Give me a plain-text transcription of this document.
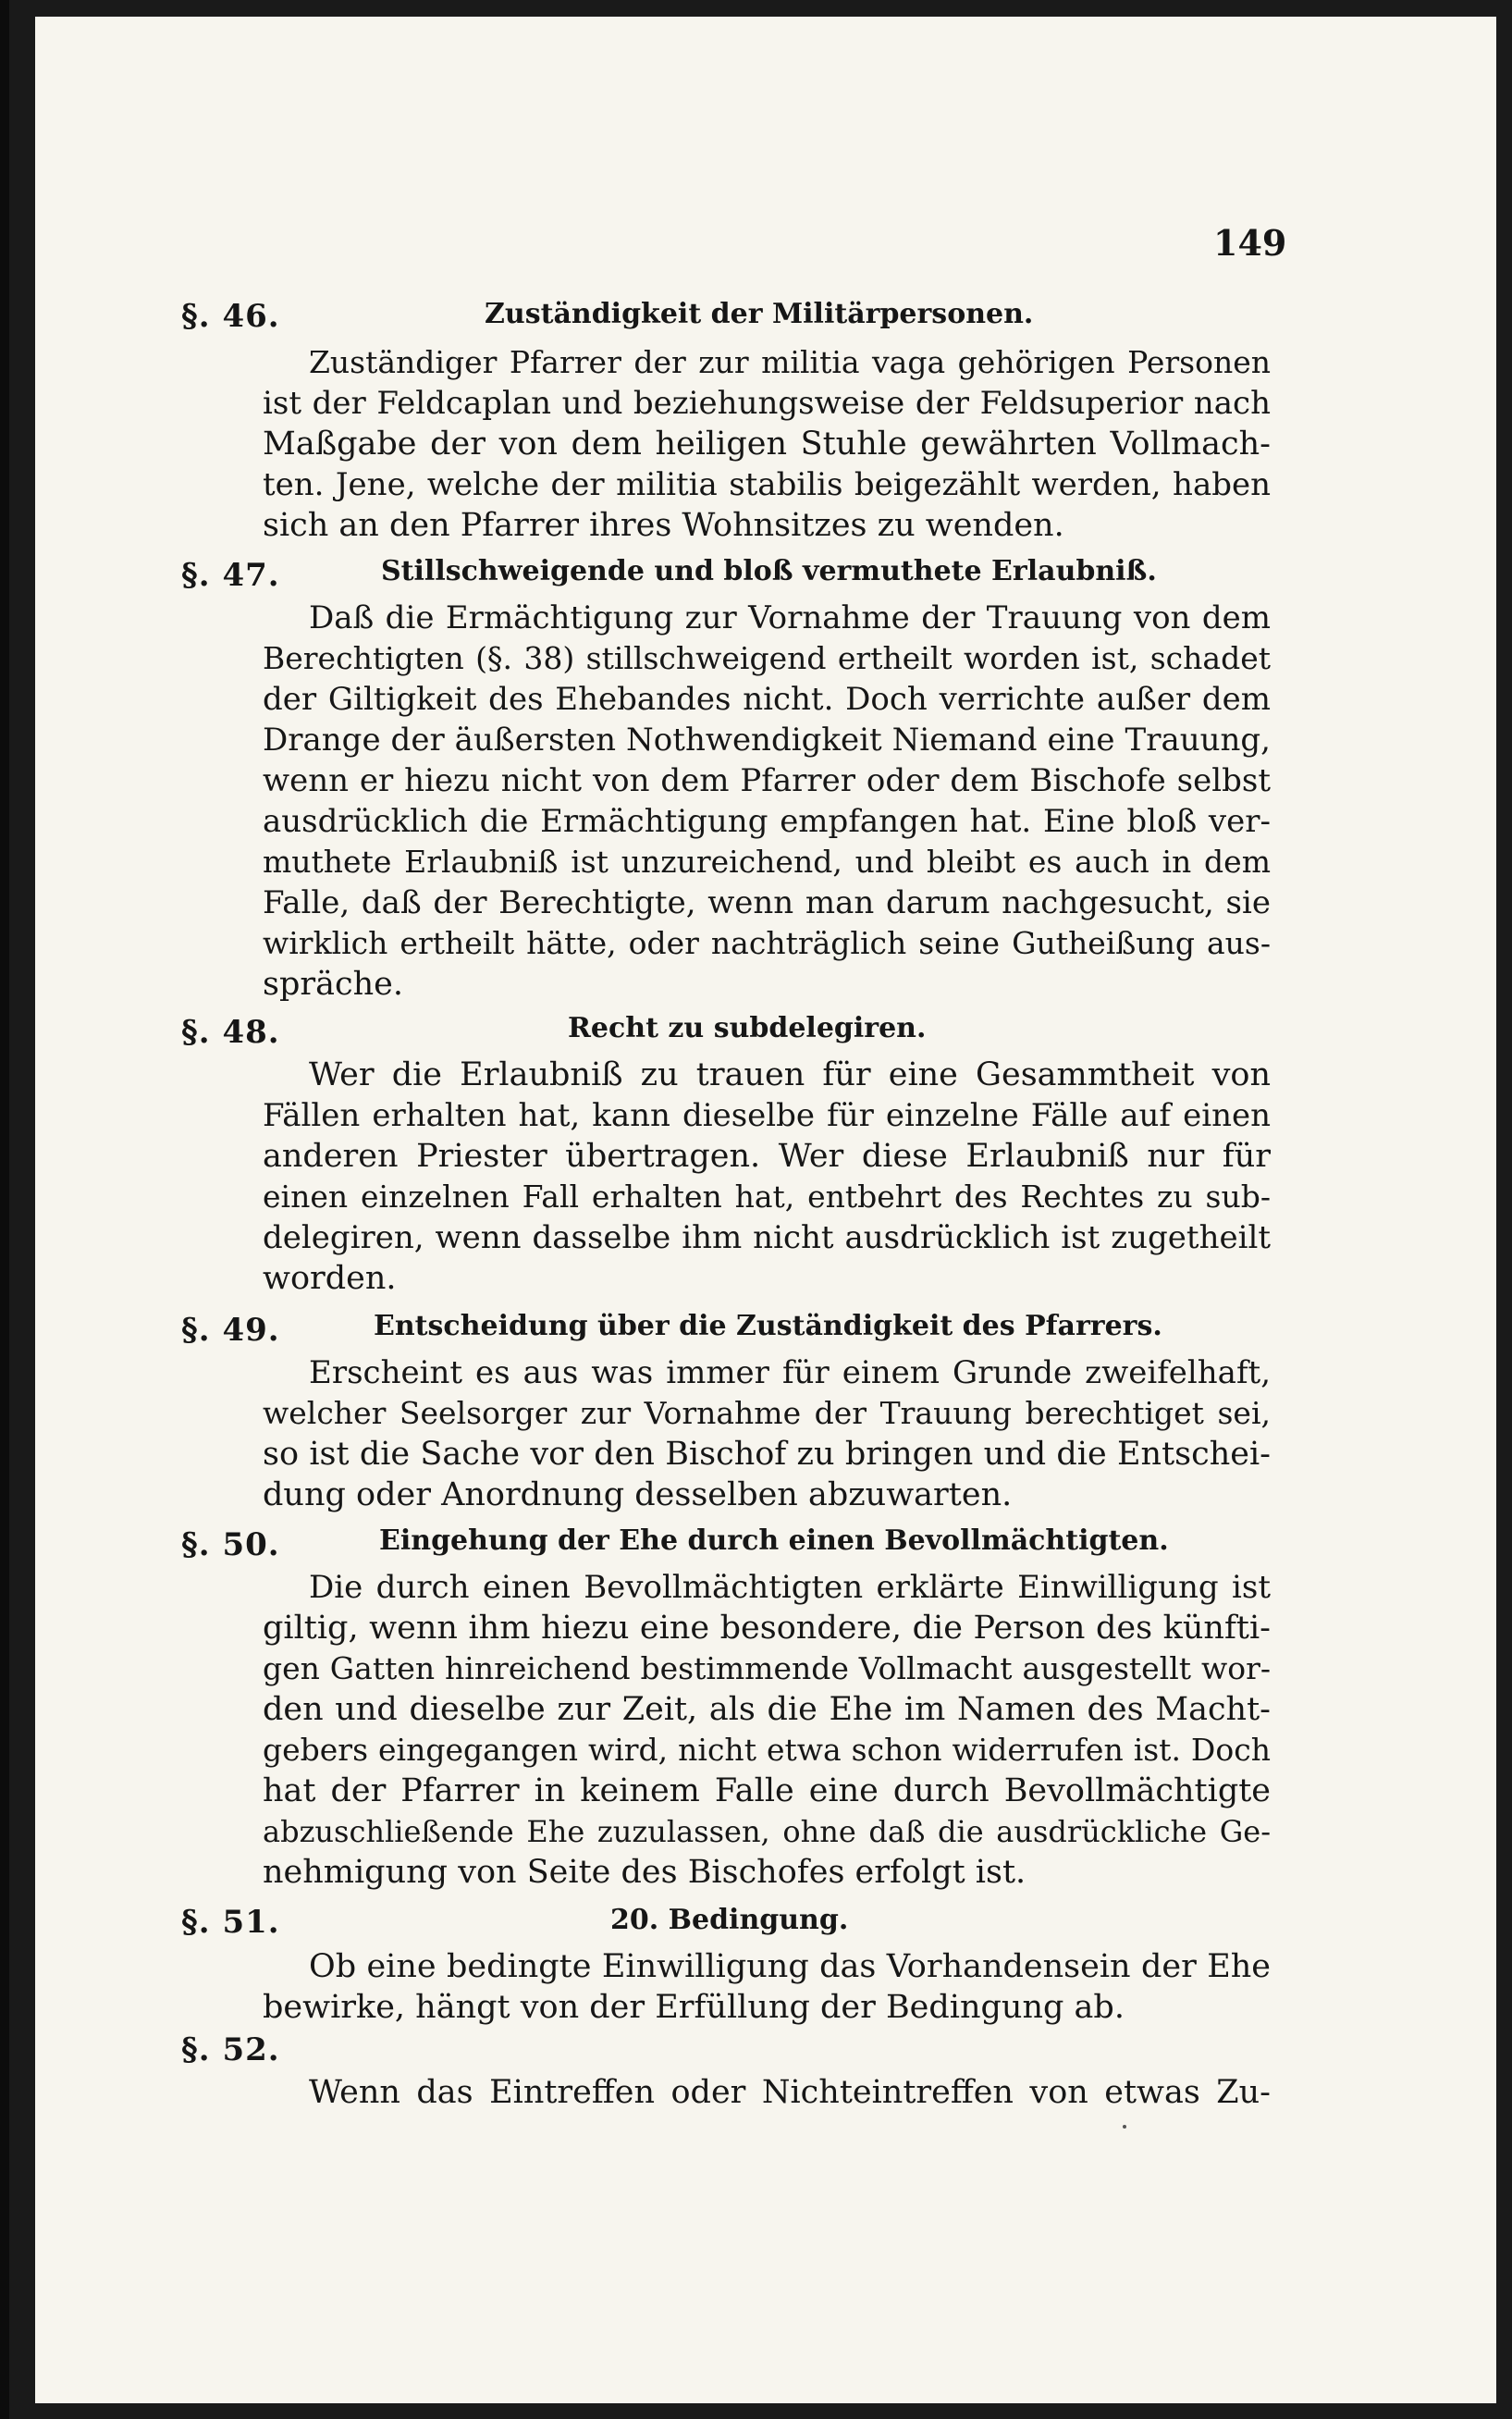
149
§. 46.	Zuständigkeit der Militärpersonen.
Zuständiger Pfarrer der zur militia vaga gehörigen Personen
ist der Feldcaplan und beziehungsweise der Feldsuperior nach
Maßgabe der von dem heiligen Stuhle gewährten Vollmach-
ten. Jene, welche der militia stabilis beigezählt werden, haben
sich an den Pfarrer ihres Wohnsitzes zu wenden.
§. 47.	Stillschweigende und bloß vermuthete Erlaubniß.
Daß die Ermächtigung zur Vornahme der Trauung von dem
Berechtigten (§. 38) stillschweigend ertheilt worden ist, schadet
der Giltigkeit des Ehebandes nicht. Doch verrichte außer dem
Drange der äußersten Nothwendigkeit Niemand eine Trauung,
wenn er hiezu nicht von dem Pfarrer oder dem Bischofe selbst
ausdrücklich die Ermächtigung empfangen hat. Eine bloß ver-
muthete Erlaubniß ist unzureichend, und bleibt es auch in dem
Falle, daß der Berechtigte, wenn man darum nachgesucht, sie
wirklich ertheilt hätte, oder nachträglich seine Gutheißung aus-
spräche.
§. 48.	Recht zu subdelegiren.
Wer die Erlaubniß zu trauen für eine Gesammtheit von
Fällen erhalten hat, kann dieselbe für einzelne Fälle auf einen
anderen Priester übertragen. Wer diese Erlaubniß nur für
einen einzelnen Fall erhalten hat, entbehrt des Rechtes zu sub-
delegiren, wenn dasselbe ihm nicht ausdrücklich ist zugetheilt
worden.
§. 49.	Entscheidung über die Zuständigkeit des Pfarrers.
Erscheint es aus was immer für einem Grunde zweifelhaft,
welcher Seelsorger zur Vornahme der Trauung berechtiget sei,
so ist die Sache vor den Bischof zu bringen und die Entschei-
dung oder Anordnung desselben abzuwarten.
§. 50.	Eingehung der Ehe durch einen Bevollmächtigten.
Die durch einen Bevollmächtigten erklärte Einwilligung ist
giltig, wenn ihm hiezu eine besondere, die Person des künfti-
gen Gatten hinreichend bestimmende Vollmacht ausgestellt wor-
den und dieselbe zur Zeit, als die Ehe im Namen des Macht-
gebers eingegangen wird, nicht etwa schon widerrufen ist. Doch
hat der Pfarrer in keinem Falle eine durch Bevollmächtigte
abzuschließende Ehe zuzulassen, ohne daß die ausdrückliche Ge-
nehmigung von Seite des Bischofes erfolgt ist.
§. 51.	20. Bedingung.
Ob eine bedingte Einwilligung das Vorhandensein der Ehe
bewirke, hängt von der Erfüllung der Bedingung ab.
§. 52.
Wenn das Eintreffen oder Nichteintreffen von etwas Zu-
